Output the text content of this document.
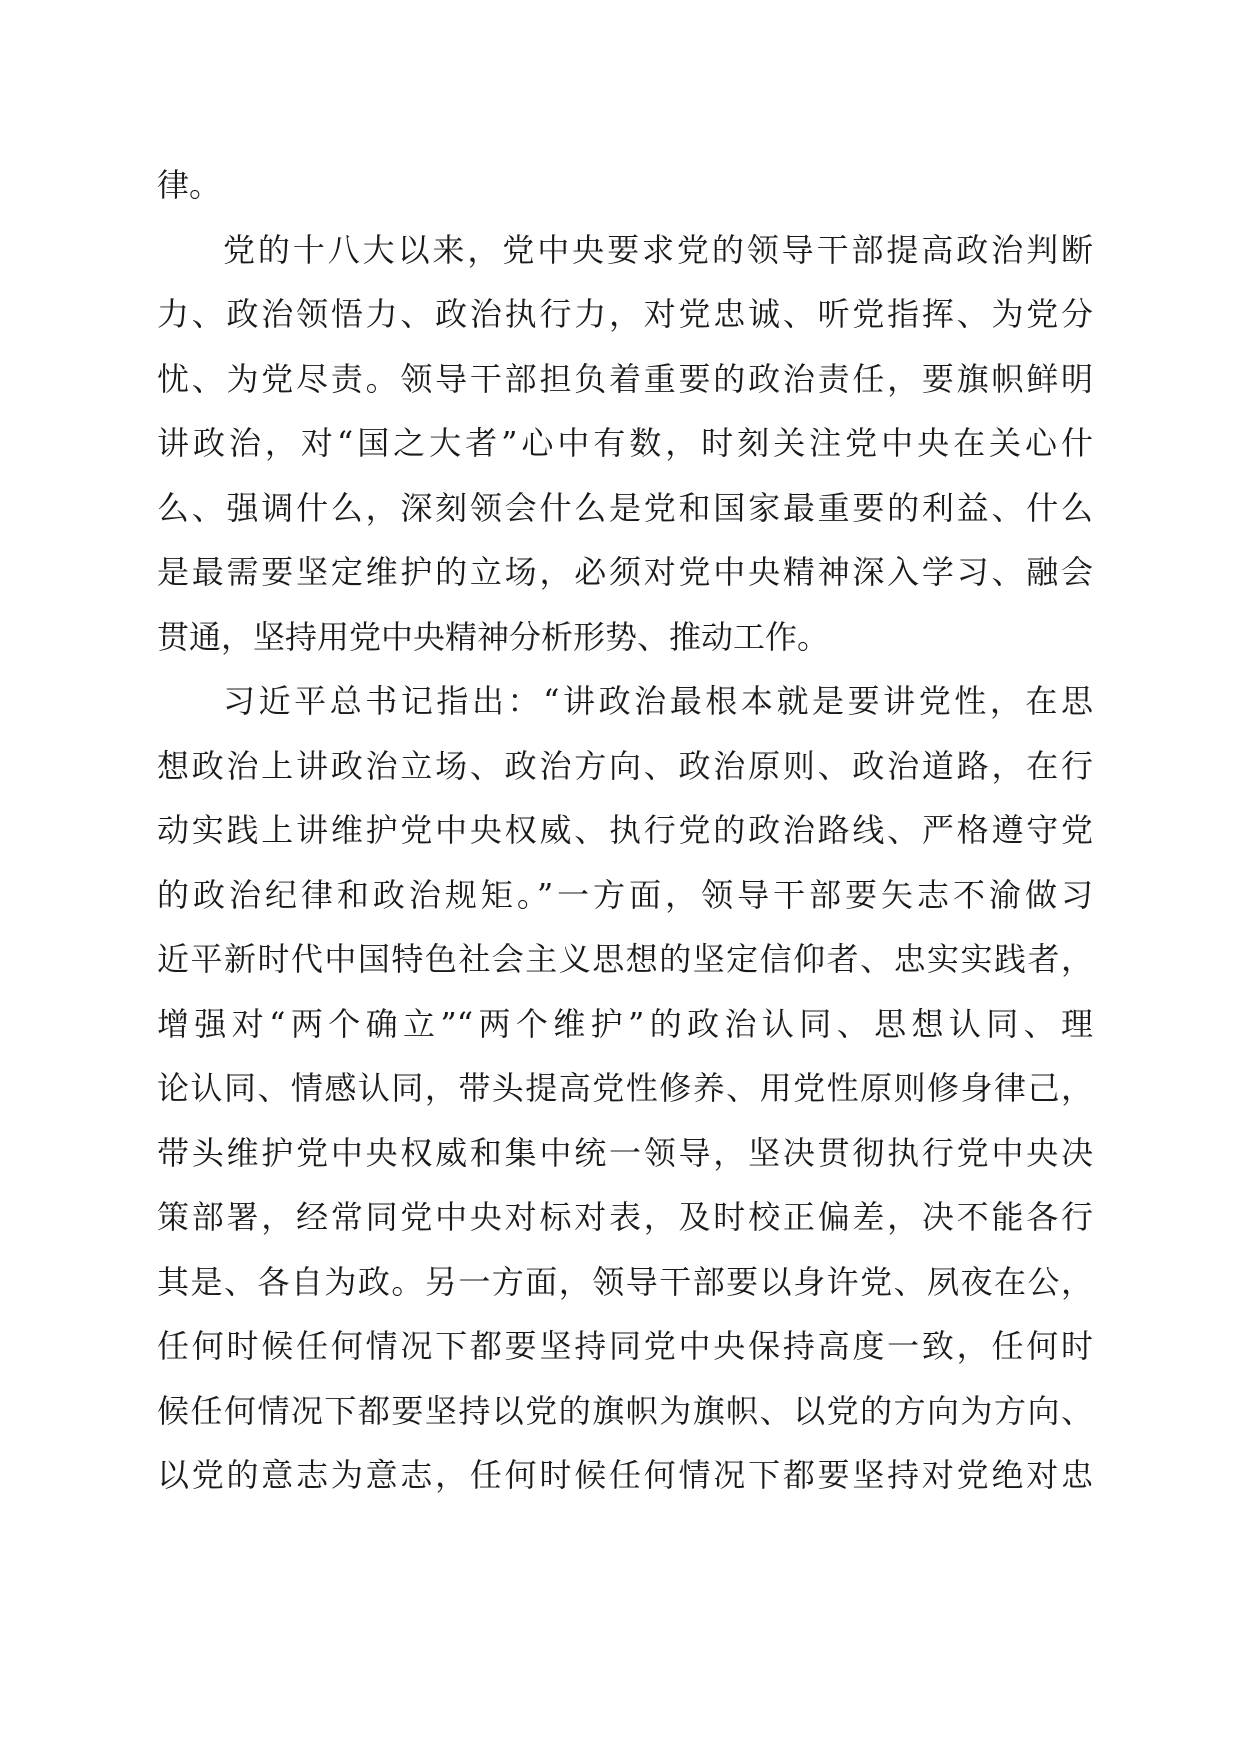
律。
党的十八大以来，党中央要求党的领导干部提高政治判断
力、政治领悟力、政治执行力，对党忠诚、听党指挥、为党分
忧、为党尽责。领导干部担负着重要的政治责任，要旗帜鲜明
讲政治，对“国之大者”心中有数，时刻关注党中央在关心什
么、强调什么，深刻领会什么是党和国家最重要的利益、什么
是最需要坚定维护的立场，必须对党中央精神深入学习、融会
贯通，坚持用党中央精神分析形势、推动工作。
习近平总书记指出：“讲政治最根本就是要讲党性，在思
想政治上讲政治立场、政治方向、政治原则、政治道路，在行
动实践上讲维护党中央权威、执行党的政治路线、严格遵守党
的政治纪律和政治规矩。”一方面，领导干部要矢志不渝做习
近平新时代中国特色社会主义思想的坚定信仰者、忠实实践者，
增强对“两个确立”“两个维护”的政治认同、思想认同、理
论认同、情感认同，带头提高党性修养、用党性原则修身律己，
带头维护党中央权威和集中统一领导，坚决贯彻执行党中央决
策部署，经常同党中央对标对表，及时校正偏差，决不能各行
其是、各自为政。另一方面，领导干部要以身许党、夙夜在公，
任何时候任何情况下都要坚持同党中央保持高度一致，任何时
候任何情况下都要坚持以党的旗帜为旗帜、以党的方向为方向、
以党的意志为意志，任何时候任何情况下都要坚持对党绝对忠
